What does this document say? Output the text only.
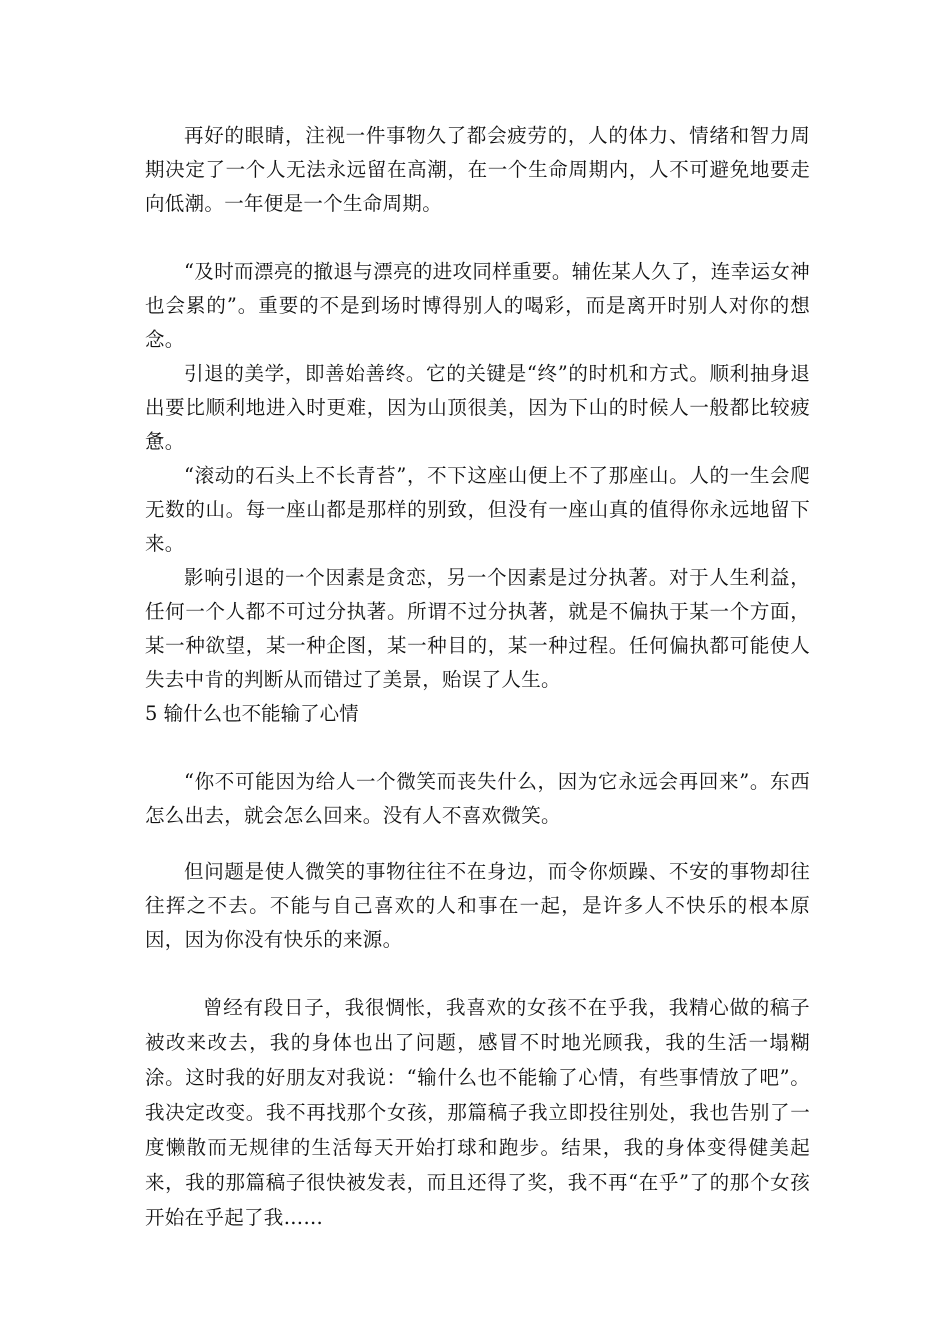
再好的眼睛，注视一件事物久了都会疲劳的，人的体力、情绪和智力周期决定了一个人无法永远留在高潮，在一个生命周期内，人不可避免地要走向低潮。一年便是一个生命周期。

“及时而漂亮的撤退与漂亮的进攻同样重要。辅佐某人久了，连幸运女神也会累的”。重要的不是到场时博得别人的喝彩，而是离开时别人对你的想念。

引退的美学，即善始善终。它的关键是“终”的时机和方式。顺利抽身退出要比顺利地进入时更难，因为山顶很美，因为下山的时候人一般都比较疲惫。

“滚动的石头上不长青苔”，不下这座山便上不了那座山。人的一生会爬无数的山。每一座山都是那样的别致，但没有一座山真的值得你永远地留下来。

影响引退的一个因素是贪恋，另一个因素是过分执著。对于人生利益，任何一个人都不可过分执著。所谓不过分执著，就是不偏执于某一个方面，某一种欲望，某一种企图，某一种目的，某一种过程。任何偏执都可能使人失去中肯的判断从而错过了美景，贻误了人生。

5 输什么也不能输了心情

“你不可能因为给人一个微笑而丧失什么，因为它永远会再回来”。东西怎么出去，就会怎么回来。没有人不喜欢微笑。

但问题是使人微笑的事物往往不在身边，而令你烦躁、不安的事物却往往挥之不去。不能与自己喜欢的人和事在一起，是许多人不快乐的根本原因，因为你没有快乐的来源。

曾经有段日子，我很惆怅，我喜欢的女孩不在乎我，我精心做的稿子被改来改去，我的身体也出了问题，感冒不时地光顾我，我的生活一塌糊涂。这时我的好朋友对我说：“输什么也不能输了心情，有些事情放了吧”。我决定改变。我不再找那个女孩，那篇稿子我立即投往别处，我也告别了一度懒散而无规律的生活每天开始打球和跑步。结果，我的身体变得健美起来，我的那篇稿子很快被发表，而且还得了奖，我不再“在乎”了的那个女孩开始在乎起了我……
